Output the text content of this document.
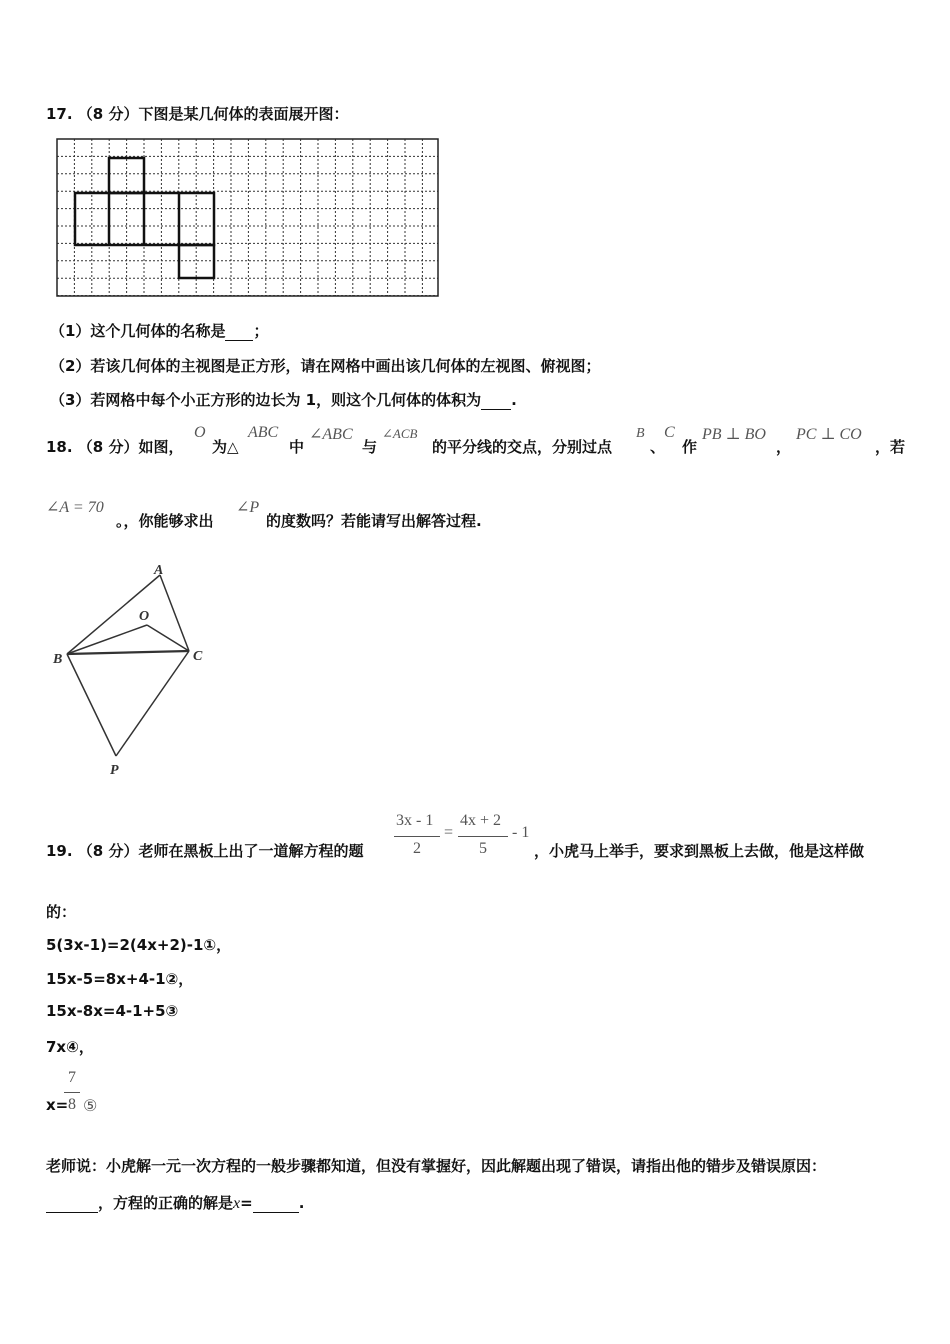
17. （8 分）下图是某几何体的表面展开图：
（1）这个几何体的名称是 ；
（2）若该几何体的主视图是正方形，请在网格中画出该几何体的左视图、俯视图；
（3）若网格中每个小正方形的边长为 1，则这个几何体的体积为 .
18. （8 分）如图，
O
为△
ABC
中
∠ABC
与
∠ACB
的平分线的交点，分别过点
B
、
C
作
PB ⊥ BO
，
PC ⊥ CO
，若
∠A = 70
。，你能够求出
∠P
的度数吗？若能请写出解答过程.
A
O
B	C
P
19. （8 分）老师在黑板上出了一道解方程的题
3x - 1
2
=
4x + 2
5
- 1
，小虎马上举手，要求到黑板上去做，他是这样做
的：
5(3x-1)=2(4x+2)-1①，
15x-5=8x+4-1②，
15x-8x=4-1+5③
7x④，
x=
7
8 ⑤
老师说：小虎解一元一次方程的一般步骤都知道，但没有掌握好，因此解题出现了错误，请指出他的错步及错误原因：
，方程的正确的解是x=	.
